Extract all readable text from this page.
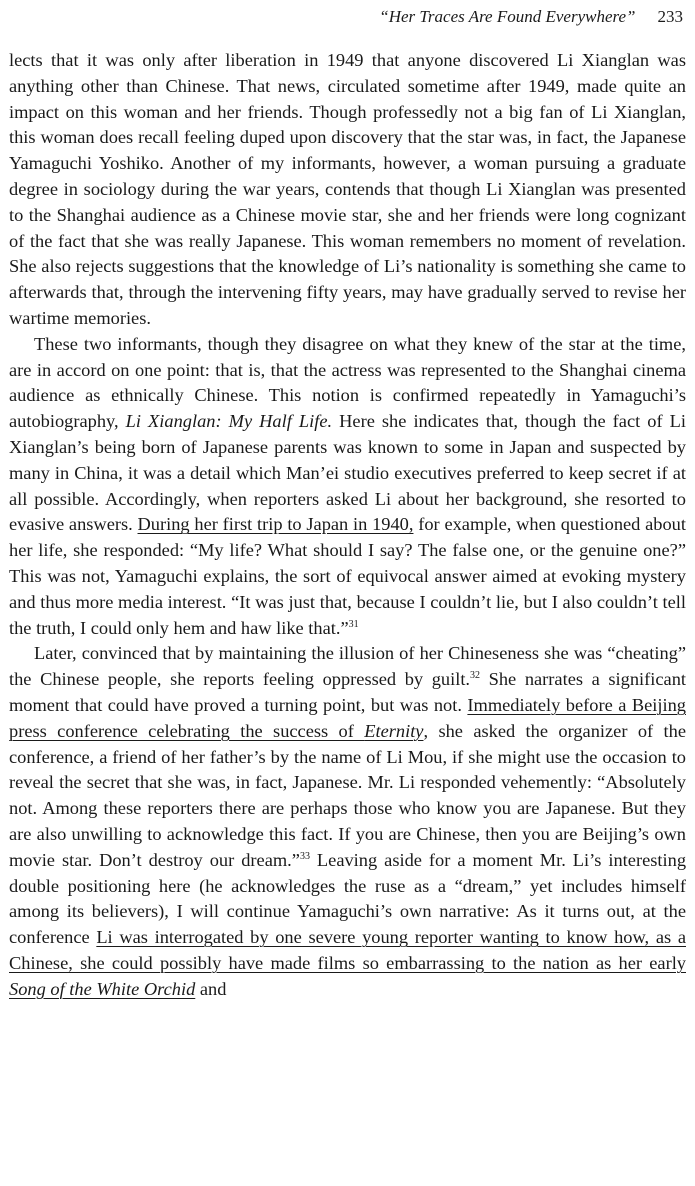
“Her Traces Are Found Everywhere” 233

lects that it was only after liberation in 1949 that anyone discovered Li Xianglan was anything other than Chinese. That news, circulated sometime after 1949, made quite an impact on this woman and her friends. Though professedly not a big fan of Li Xianglan, this woman does recall feeling duped upon discovery that the star was, in fact, the Japanese Yamaguchi Yoshiko. Another of my informants, however, a woman pursuing a graduate degree in sociology during the war years, contends that though Li Xianglan was presented to the Shanghai audience as a Chinese movie star, she and her friends were long cognizant of the fact that she was really Japanese. This woman remembers no moment of revelation. She also rejects suggestions that the knowledge of Li’s nationality is something she came to afterwards that, through the intervening fifty years, may have gradually served to revise her wartime memories.

These two informants, though they disagree on what they knew of the star at the time, are in accord on one point: that is, that the actress was represented to the Shanghai cinema audience as ethnically Chinese. This notion is confirmed repeatedly in Yamaguchi’s autobiography, Li Xianglan: My Half Life. Here she indicates that, though the fact of Li Xianglan’s being born of Japanese parents was known to some in Japan and suspected by many in China, it was a detail which Man’ei studio executives preferred to keep secret if at all possible. Accordingly, when reporters asked Li about her background, she resorted to evasive answers. During her first trip to Japan in 1940, for example, when questioned about her life, she responded: “My life? What should I say? The false one, or the genuine one?” This was not, Yamaguchi explains, the sort of equivocal answer aimed at evoking mystery and thus more media interest. “It was just that, because I couldn’t lie, but I also couldn’t tell the truth, I could only hem and haw like that.”$^{31}$

Later, convinced that by maintaining the illusion of her Chineseness she was “cheating” the Chinese people, she reports feeling oppressed by guilt.$^{32}$ She narrates a significant moment that could have proved a turning point, but was not. Immediately before a Beijing press conference celebrating the success of Eternity, she asked the organizer of the conference, a friend of her father’s by the name of Li Mou, if she might use the occasion to reveal the secret that she was, in fact, Japanese. Mr. Li responded vehemently: “Absolutely not. Among these reporters there are perhaps those who know you are Japanese. But they are also unwilling to acknowledge this fact. If you are Chinese, then you are Beijing’s own movie star. Don’t destroy our dream.”$^{33}$ Leaving aside for a moment Mr. Li’s interesting double positioning here (he acknowledges the ruse as a “dream,” yet includes himself among its believers), I will continue Yamaguchi’s own narrative: As it turns out, at the conference Li was interrogated by one severe young reporter wanting to know how, as a Chinese, she could possibly have made films so embarrassing to the nation as her early Song of the White Orchid and
